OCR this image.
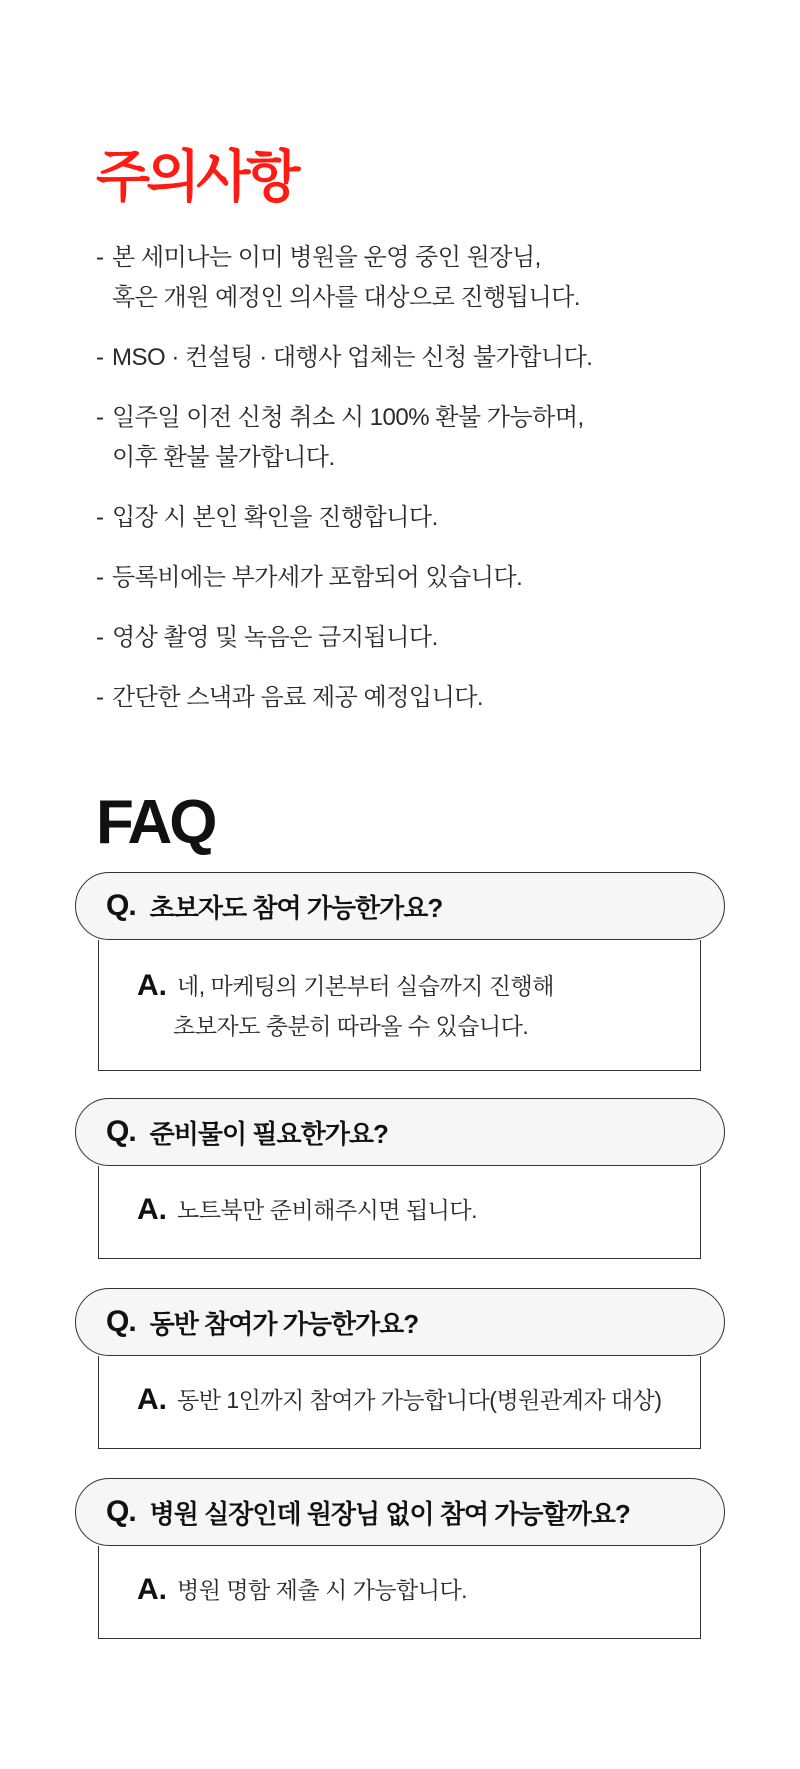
주의사항
- 본 세미나는 이미 병원을 운영 중인 원장님,
혹은 개원 예정인 의사를 대상으로 진행됩니다.
- MSO · 컨설팅 · 대행사 업체는 신청 불가합니다.
- 일주일 이전 신청 취소 시 100% 환불 가능하며,
이후 환불 불가합니다.
- 입장 시 본인 확인을 진행합니다.
- 등록비에는 부가세가 포함되어 있습니다.
- 영상 촬영 및 녹음은 금지됩니다.
- 간단한 스낵과 음료 제공 예정입니다.
FAQ
Q. 초보자도 참여 가능한가요?
A. 네, 마케팅의 기본부터 실습까지 진행해
초보자도 충분히 따라올 수 있습니다.
Q. 준비물이 필요한가요?
A. 노트북만 준비해주시면 됩니다.
Q. 동반 참여가 가능한가요?
A. 동반 1인까지 참여가 가능합니다(병원관계자 대상)
Q. 병원 실장인데 원장님 없이 참여 가능할까요?
A. 병원 명함 제출 시 가능합니다.
